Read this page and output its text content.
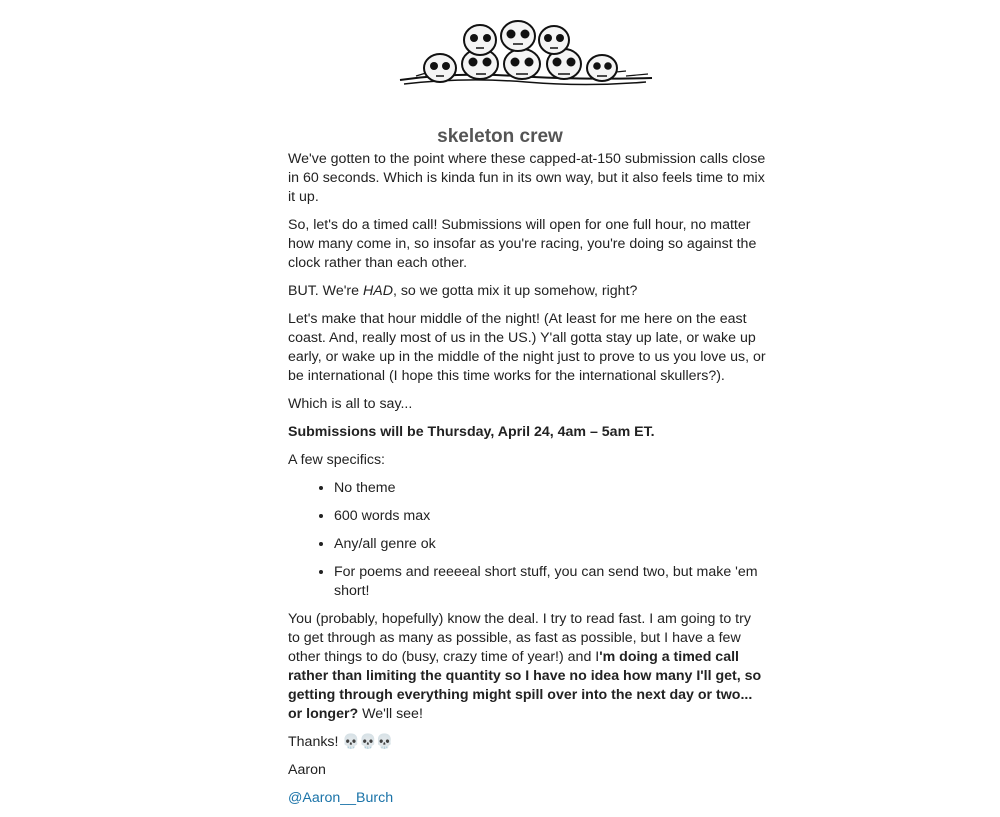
skeleton crew

We've gotten to the point where these capped-at-150 submission calls close in 60 seconds. Which is kinda fun in its own way, but it also feels time to mix it up.

So, let's do a timed call! Submissions will open for one full hour, no matter how many come in, so insofar as you're racing, you're doing so against the clock rather than each other.

BUT. We're HAD, so we gotta mix it up somehow, right?

Let's make that hour middle of the night! (At least for me here on the east coast. And, really most of us in the US.) Y'all gotta stay up late, or wake up early, or wake up in the middle of the night just to prove to us you love us, or be international (I hope this time works for the international skullers?).

Which is all to say...

Submissions will be Thursday, April 24, 4am – 5am ET.

A few specifics:

• No theme
• 600 words max
• Any/all genre ok
• For poems and reeeeal short stuff, you can send two, but make 'em short!

You (probably, hopefully) know the deal. I try to read fast. I am going to try to get through as many as possible, as fast as possible, but I have a few other things to do (busy, crazy time of year!) and I'm doing a timed call rather than limiting the quantity so I have no idea how many I'll get, so getting through everything might spill over into the next day or two... or longer? We'll see!

Thanks! 💀💀💀

Aaron

@Aaron__Burch
